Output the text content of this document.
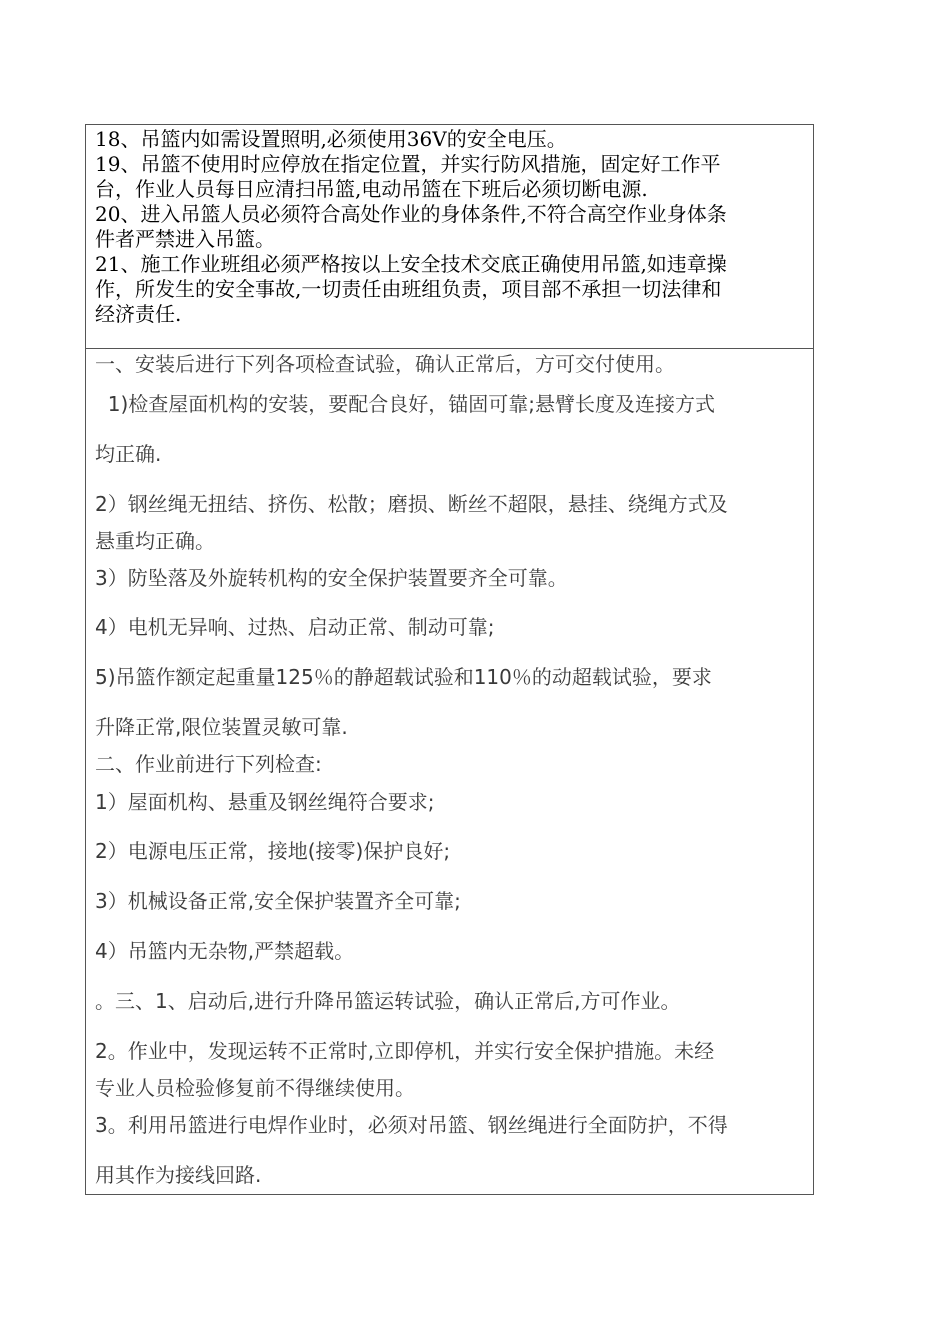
18、吊篮内如需设置照明,必须使用36V的安全电压。

19、吊篮不使用时应停放在指定位置，并实行防风措施，固定好工作平

台，作业人员每日应清扫吊篮,电动吊篮在下班后必须切断电源.

20、进入吊篮人员必须符合高处作业的身体条件,不符合高空作业身体条

件者严禁进入吊篮。

21、施工作业班组必须严格按以上安全技术交底正确使用吊篮,如违章操

作，所发生的安全事故,一切责任由班组负责，项目部不承担一切法律和

经济责任.

一、安装后进行下列各项检查试验，确认正常后，方可交付使用。
1)检查屋面机构的安装，要配合良好，锚固可靠;悬臂长度及连接方式
均正确.
2）钢丝绳无扭结、挤伤、松散；磨损、断丝不超限，悬挂、绕绳方式及
悬重均正确。
3）防坠落及外旋转机构的安全保护装置要齐全可靠。
4）电机无异响、过热、启动正常、制动可靠;
5)吊篮作额定起重量125％的静超载试验和110％的动超载试验，要求
升降正常,限位装置灵敏可靠.
二、作业前进行下列检查:
1）屋面机构、悬重及钢丝绳符合要求;
2）电源电压正常，接地(接零)保护良好;
3）机械设备正常,安全保护装置齐全可靠;
4）吊篮内无杂物,严禁超载。
。三、1、启动后,进行升降吊篮运转试验，确认正常后,方可作业。
2。作业中，发现运转不正常时,立即停机，并实行安全保护措施。未经
专业人员检验修复前不得继续使用。
3。利用吊篮进行电焊作业时，必须对吊篮、钢丝绳进行全面防护，不得
用其作为接线回路.
